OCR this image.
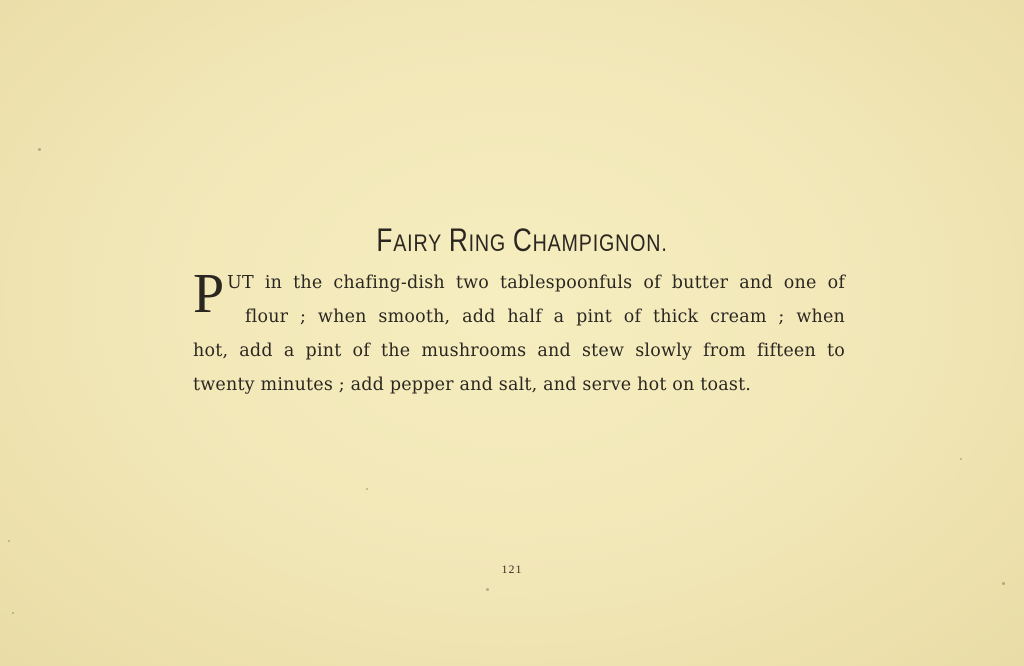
FAIRY RING CHAMPIGNON.
P UT in the chafing-dish two tablespoonfuls of butter and one of
flour ; when smooth, add half a pint of thick cream ; when
hot, add a pint of the mushrooms and stew slowly from fifteen to
twenty minutes ; add pepper and salt, and serve hot on toast.
121
